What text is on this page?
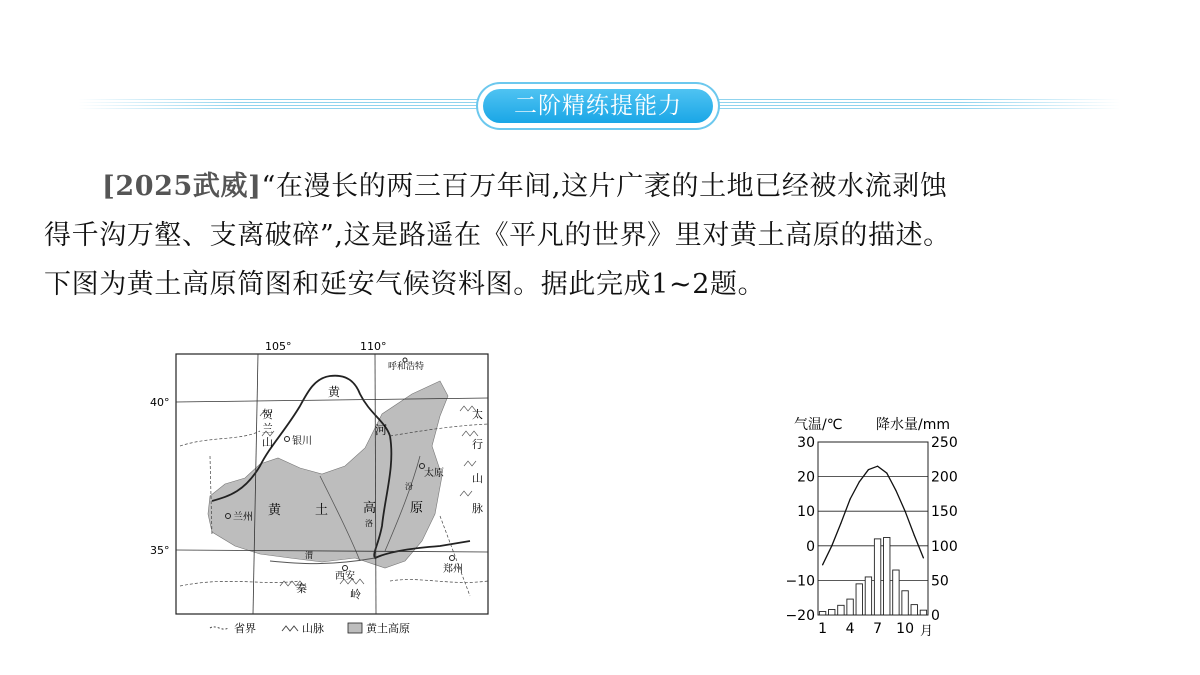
二阶精练提能力
[2025武威]“在漫长的两三百万年间,这片广袤的土地已经被水流剥蚀
得千沟万壑、支离破碎”,这是路遥在《平凡的世界》里对黄土高原的描述。
下图为黄土高原简图和延安气候资料图。据此完成1~2题。
105°	110°
40°
35°
呼和浩特
银川
兰州
太原
西安
郑州
黄	土	高	原
黄
河
渭
洛
汾
贺
兰
山
太
行
山
脉
秦	岭
省界	山脉	黄土高原
气温/℃ 降水量/mm
30	250
20	200
10	150
0	100
−10	50
−20	0
1 4 7 10 月
